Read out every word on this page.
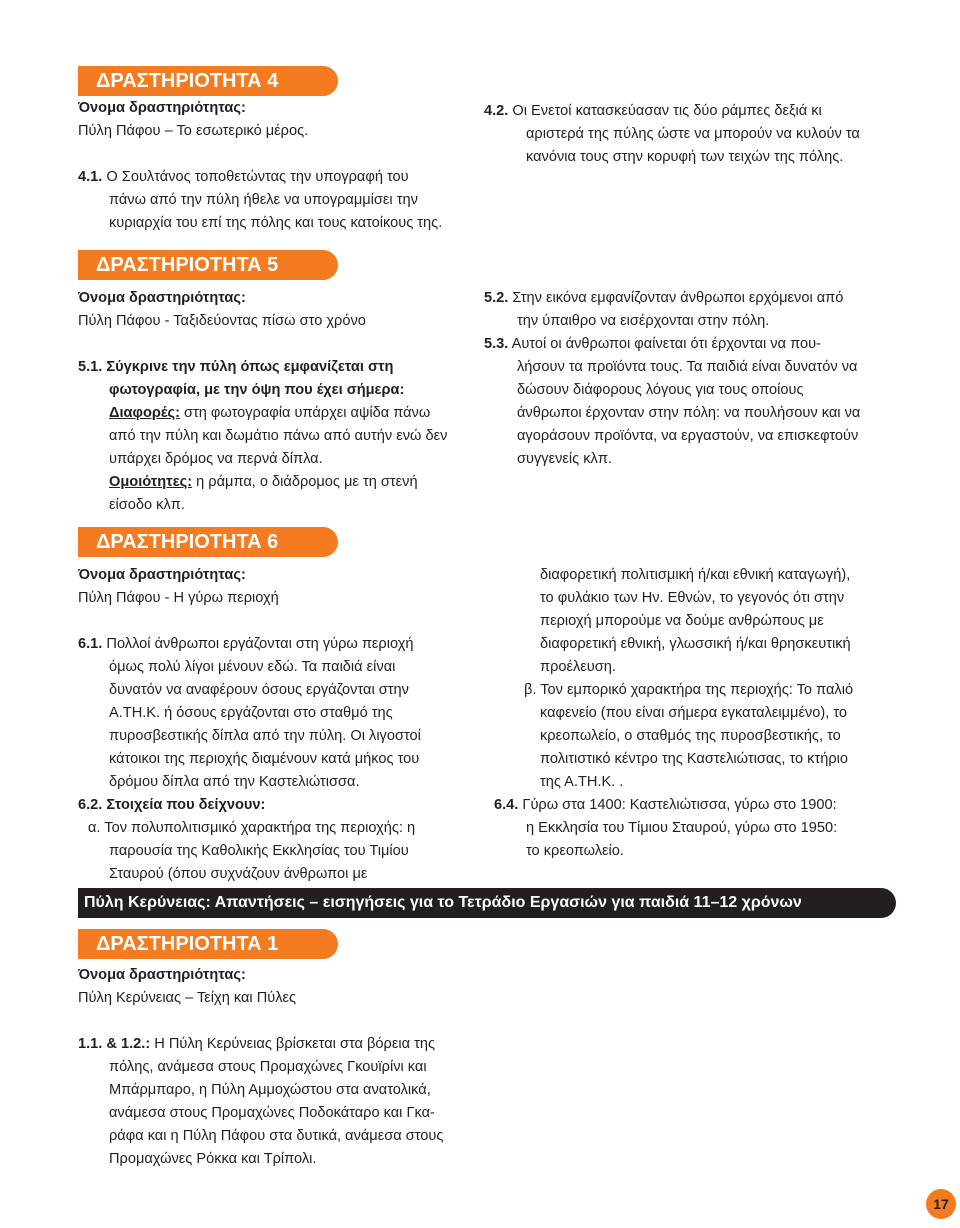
ΔΡΑΣΤΗΡΙΟΤΗΤΑ 4
Όνομα δραστηριότητας:
Πύλη Πάφου – Το εσωτερικό μέρος.
4.1. Ο Σουλτάνος τοποθετώντας την υπογραφή του
πάνω από την πύλη ήθελε να υπογραμμίσει την
κυριαρχία του επί της πόλης και τους κατοίκους της.
4.2. Οι Ενετοί κατασκεύασαν τις δύο ράμπες δεξιά κι
αριστερά της πύλης ώστε να μπορούν να κυλούν τα
κανόνια τους στην κορυφή των τειχών της πόλης.
ΔΡΑΣΤΗΡΙΟΤΗΤΑ 5
Όνομα δραστηριότητας:
Πύλη Πάφου - Ταξιδεύοντας πίσω στο χρόνο
5.1. Σύγκρινε την πύλη όπως εμφανίζεται στη
φωτογραφία, με την όψη που έχει σήμερα:
Διαφορές: στη φωτογραφία υπάρχει αψίδα πάνω
από την πύλη και δωμάτιο πάνω από αυτήν ενώ δεν
υπάρχει δρόμος να περνά δίπλα.
Ομοιότητες: η ράμπα, ο διάδρομος με τη στενή
είσοδο κλπ.
5.2. Στην εικόνα εμφανίζονταν άνθρωποι ερχόμενοι από
την ύπαιθρο να εισέρχονται στην πόλη.
5.3. Αυτοί οι άνθρωποι φαίνεται ότι έρχονται να που-
λήσουν τα προϊόντα τους. Τα παιδιά είναι δυνατόν να
δώσουν διάφορους λόγους για τους οποίους
άνθρωποι έρχονταν στην πόλη: να πουλήσουν και να
αγοράσουν προϊόντα, να εργαστούν, να επισκεφτούν
συγγενείς κλπ.
ΔΡΑΣΤΗΡΙΟΤΗΤΑ 6
Όνομα δραστηριότητας:
Πύλη Πάφου - Η γύρω περιοχή
6.1. Πολλοί άνθρωποι εργάζονται στη γύρω περιοχή
όμως πολύ λίγοι μένουν εδώ. Τα παιδιά είναι
δυνατόν να αναφέρουν όσους εργάζονται στην
Α.ΤΗ.Κ. ή όσους εργάζονται στο σταθμό της
πυροσβεστικής δίπλα από την πύλη. Οι λιγοστοί
κάτοικοι της περιοχής διαμένουν κατά μήκος του
δρόμου δίπλα από την Καστελιώτισσα.
6.2. Στοιχεία που δείχνουν:
α. Τον πολυπολιτισμικό χαρακτήρα της περιοχής: η
παρουσία της Καθολικής Εκκλησίας του Τιμίου
Σταυρού (όπου συχνάζουν άνθρωποι με
διαφορετική πολιτισμική ή/και εθνική καταγωγή),
το φυλάκιο των Ην. Εθνών, το γεγονός ότι στην
περιοχή μπορούμε να δούμε ανθρώπους με
διαφορετική εθνική, γλωσσική ή/και θρησκευτική
προέλευση.
β. Τον εμπορικό χαρακτήρα της περιοχής: Το παλιό
καφενείο (που είναι σήμερα εγκαταλειμμένο), το
κρεοπωλείο, ο σταθμός της πυροσβεστικής, το
πολιτιστικό κέντρο της Καστελιώτισας, το κτήριο
της Α.ΤΗ.Κ. .
6.4. Γύρω στα 1400: Καστελιώτισσα, γύρω στο 1900:
η Εκκλησία του Τίμιου Σταυρού, γύρω στο 1950:
το κρεοπωλείο.
Πύλη Κερύνειας: Απαντήσεις – εισηγήσεις για το Τετράδιο Εργασιών για παιδιά 11–12 χρόνων
ΔΡΑΣΤΗΡΙΟΤΗΤΑ 1
Όνομα δραστηριότητας:
Πύλη Κερύνειας – Τείχη και Πύλες
1.1. & 1.2.: Η Πύλη Κερύνειας βρίσκεται στα βόρεια της
πόλης, ανάμεσα στους Προμαχώνες Γκουϊρίνι και
Μπάρμπαρο, η Πύλη Αμμοχώστου στα ανατολικά,
ανάμεσα στους Προμαχώνες Ποδοκάταρο και Γκα-
ράφα και η Πύλη Πάφου στα δυτικά, ανάμεσα στους
Προμαχώνες Ρόκκα και Τρίπολι.
17
